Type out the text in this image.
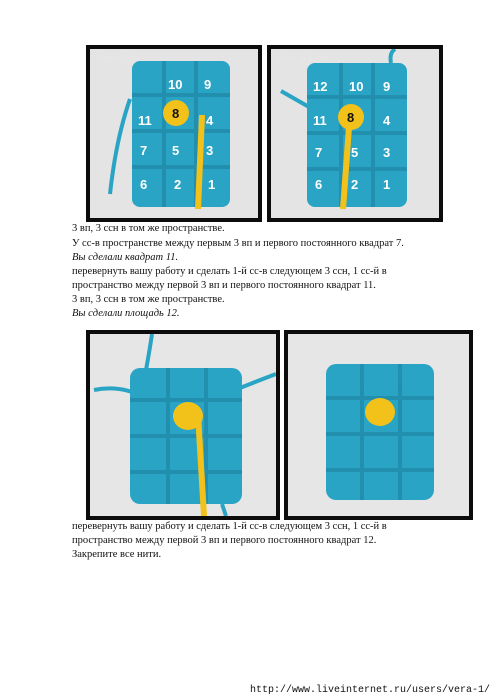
10 9
11 8 4
7 5 3
6 2 1
Right Side
12 10 9
11 8 4
7 5 3
6 2 1
Wrong Side
3 вп, 3 ссн в том же пространстве.
У сс-в пространстве между первым 3 вп и первого постоянного квадрат 7.
Вы сделали квадрат 11.
перевернуть вашу работу и сделать 1-й сс-в следующем 3 ссн, 1 сс-й в
пространство между первой 3 вп и первого постоянного квадрат 11.
3 вп, 3 ссн в том же пространстве.
Вы сделали площадь 12.
Right Side	Right Side
перевернуть вашу работу и сделать 1-й сс-в следующем 3 ссн, 1 сс-й в
пространство между первой 3 вп и первого постоянного квадрат 12.
Закрепите все нити.
http://www.liveinternet.ru/users/vera-1/
